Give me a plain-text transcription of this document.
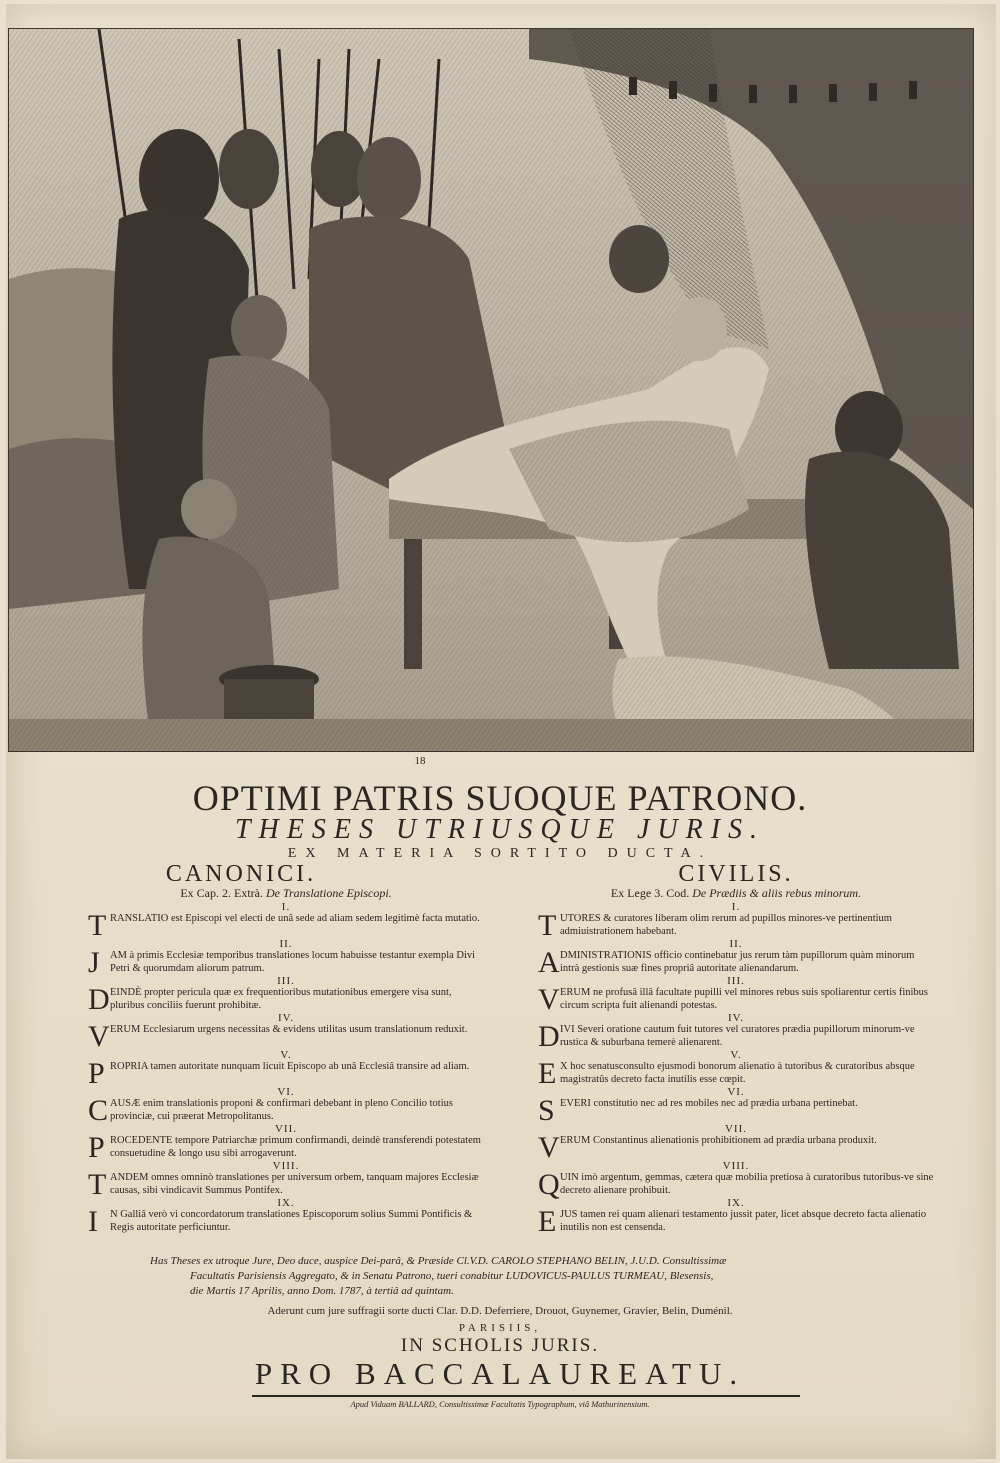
18
OPTIMI PATRIS SUOQUE PATRONO.
THESES UTRIUSQUE JURIS.
EX MATERIA SORTITO DUCTA.
CANONICI.
Ex Cap. 2. Extrà. De Translatione Episcopi.
I.
T RANSLATIO est Episcopi vel electi de unâ sede ad aliam sedem legitimè facta mutatio.
II.
J AM à primis Ecclesiæ temporibus translationes locum habuisse testantur exempla Divi Petri & quorumdam aliorum patrum.
III.
D EINDÈ propter pericula quæ ex frequentioribus mutationibus emergere visa sunt, pluribus conciliis fuerunt prohibitæ.
IV.
V ERUM Ecclesiarum urgens necessitas & evidens utilitas usum translationum reduxit.
V.
P ROPRIA tamen autoritate nunquam licuit Episcopo ab unâ Ecclesiâ transire ad aliam.
VI.
C AUSÆ enim translationis proponi & confirmari debebant in pleno Concilio totius provinciæ, cui præerat Metropolitanus.
VII.
P ROCEDENTE tempore Patriarchæ primum confirmandi, deindè transferendi potestatem consuetudine & longo usu sibi arrogaverunt.
VIII.
T ANDEM omnes omninò translationes per universum orbem, tanquam majores Ecclesiæ causas, sibi vindicavit Summus Pontifex.
IX.
I N Galliâ verò vi concordatorum translationes Episcoporum solius Summi Pontificis & Regis autoritate perficiuntur.
CIVILIS.
Ex Lege 3. Cod. De Prædiis & aliis rebus minorum.
I.
T UTORES & curatores liberam olim rerum ad pupillos minores-ve pertinentium admiuistrationem habebant.
II.
A DMINISTRATIONIS officio continebatur jus rerum tàm pupillorum quàm minorum intrà gestionis suæ fines propriâ autoritate alienandarum.
III.
V ERUM ne profusâ illâ facultate pupilli vel minores rebus suis spoliarentur certis finibus circum scripta fuit alienandi potestas.
IV.
D IVI Severi oratione cautum fuit tutores vel curatores prædia pupillorum minorum-ve rustica & suburbana temerè alienarent.
V.
E X hoc senatusconsulto ejusmodi bonorum alienatio à tutoribus & curatoribus absque magistratûs decreto facta inutilis esse cœpit.
VI.
S EVERI constitutio nec ad res mobiles nec ad prædia urbana pertinebat.
VII.
V ERUM Constantinus alienationis prohibitionem ad prædia urbana produxit.
VIII.
Q UIN imò argentum, gemmas, cætera quæ mobilia pretiosa à curatoribus tutoribus-ve sine decreto alienare prohibuit.
IX.
E JUS tamen rei quam alienari testamento jussit pater, licet absque decreto facta alienatio inutilis non est censenda.
Has Theses ex utroque Jure, Deo duce, auspice Dei-parâ, & Præside Cl.V.D. CAROLO STEPHANO BELIN, J.U.D. Consultissimæ
Facultatis Parisiensis Aggregato, & in Senatu Patrono, tueri conabitur LUDOVICUS-PAULUS TURMEAU, Blesensis,
die Martis 17 Aprilis, anno Dom. 1787, à tertiâ ad quintam.
Aderunt cum jure suffragii sorte ducti Clar. D.D. Deferriere, Drouot, Guynemer, Gravier, Belin, Duménil.
PARISIIS,
IN SCHOLIS JURIS.
PRO BACCALAUREATU.
Apud Viduam BALLARD, Consultissimæ Facultatis Typographum, viâ Mathurinensium.
